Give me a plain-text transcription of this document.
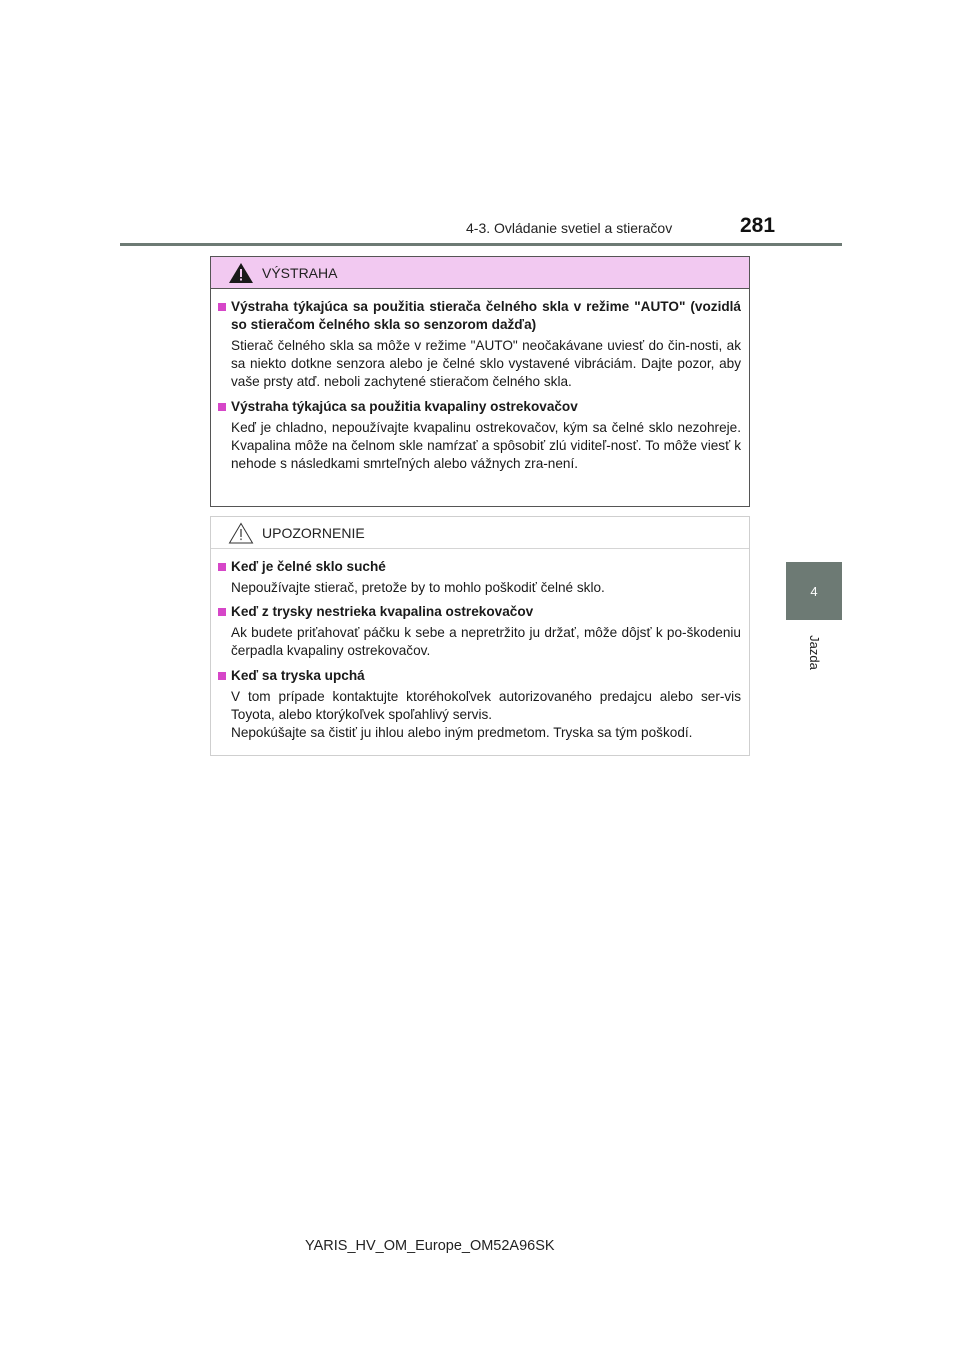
4-3. Ovládanie svetiel a stieračov	281
4
Jazda
VÝSTRAHA
Výstraha týkajúca sa použitia stierača čelného skla v režime "AUTO" (vozidlá so stieračom čelného skla so senzorom dažďa)
Stierač čelného skla sa môže v režime "AUTO" neočakávane uviesť do čin-nosti, ak sa niekto dotkne senzora alebo je čelné sklo vystavené vibráciám. Dajte pozor, aby vaše prsty atď. neboli zachytené stieračom čelného skla.
Výstraha týkajúca sa použitia kvapaliny ostrekovačov
Keď je chladno, nepoužívajte kvapalinu ostrekovačov, kým sa čelné sklo nezohreje. Kvapalina môže na čelnom skle namŕzať a spôsobiť zlú viditeľ-nosť. To môže viesť k nehode s následkami smrteľných alebo vážnych zra-není.
UPOZORNENIE
Keď je čelné sklo suché
Nepoužívajte stierač, pretože by to mohlo poškodiť čelné sklo.
Keď z trysky nestrieka kvapalina ostrekovačov
Ak budete priťahovať páčku k sebe a nepretržito ju držať, môže dôjsť k po-škodeniu čerpadla kvapaliny ostrekovačov.
Keď sa tryska upchá
V tom prípade kontaktujte ktoréhokoľvek autorizovaného predajcu alebo ser-vis Toyota, alebo ktorýkoľvek spoľahlivý servis.
Nepokúšajte sa čistiť ju ihlou alebo iným predmetom. Tryska sa tým poškodí.
YARIS_HV_OM_Europe_OM52A96SK
